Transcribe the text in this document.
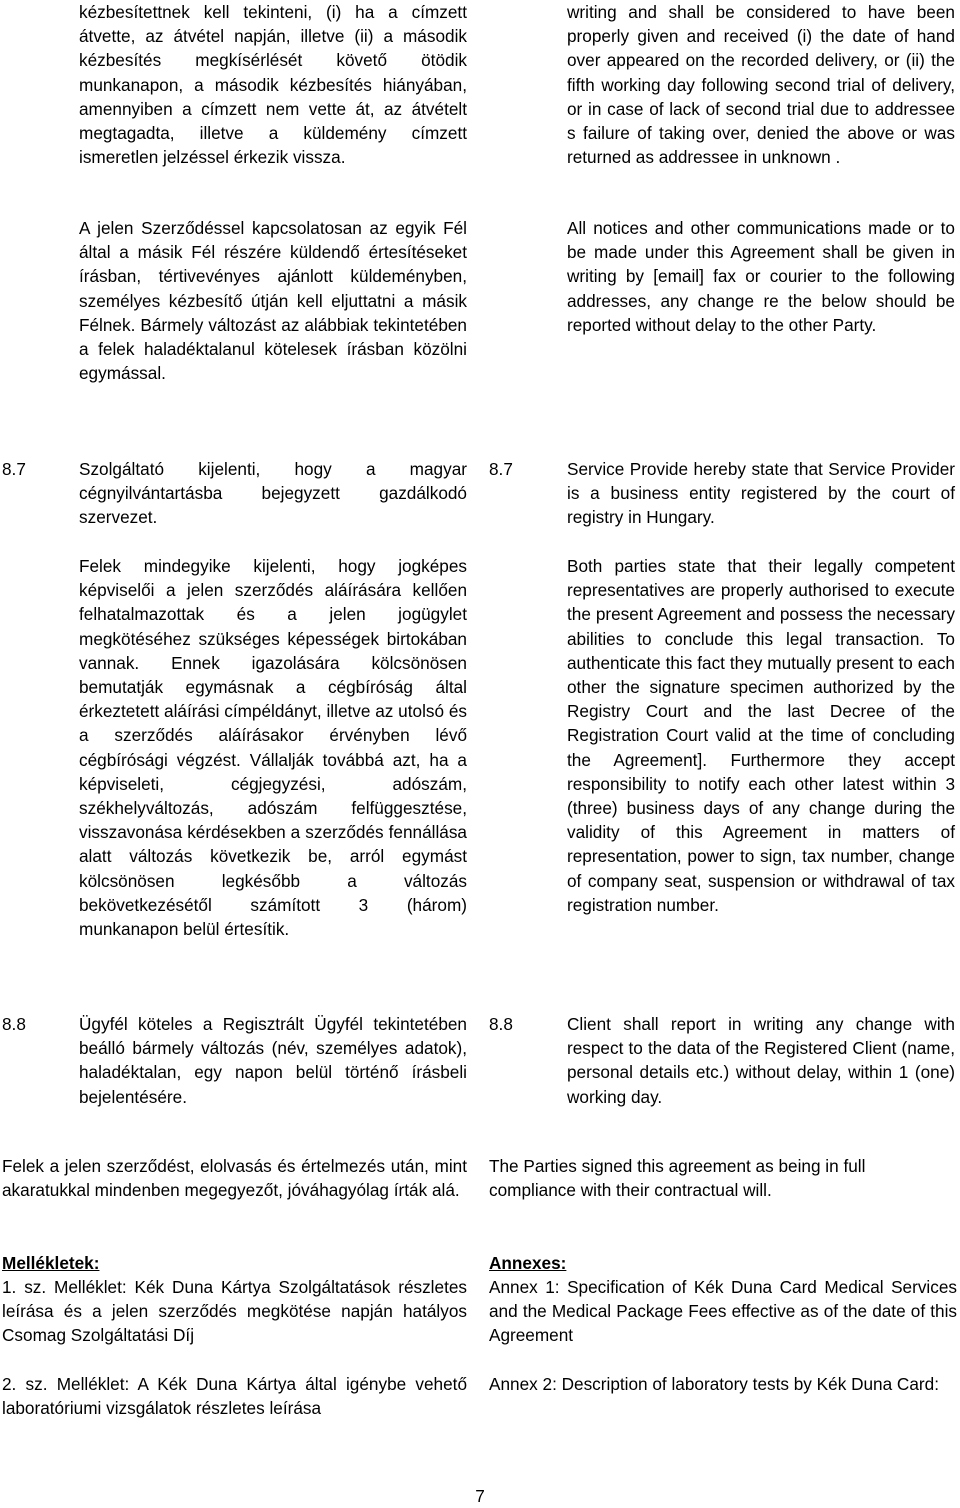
kézbesítettnek kell tekinteni, (i) ha a címzett átvette, az átvétel napján, illetve (ii) a második kézbesítés megkísérlését követő ötödik munkanapon, a második kézbesítés hiányában, amennyiben a címzett nem vette át, az átvételt megtagadta, illetve a küldemény címzett ismeretlen jelzéssel érkezik vissza.

A jelen Szerződéssel kapcsolatosan az egyik Fél által a másik Fél részére küldendő értesítéseket írásban, tértivevényes ajánlott küldeményben, személyes kézbesítő útján kell eljuttatni a másik Félnek. Bármely változást az alábbiak tekintetében a felek haladéktalanul kötelesek írásban közölni egymással.

writing and shall be considered to have been properly given and received (i) the date of hand over appeared on the recorded delivery, or (ii) the fifth working day following second trial of delivery, or in case of lack of second trial due to addressee s failure of taking over, denied the above or was returned as addressee in unknown .

All notices and other communications made or to be made under this Agreement shall be given in writing by [email] fax or courier to the following addresses, any change re the below should be reported without delay to the other Party.

8.7	Szolgáltató kijelenti, hogy a magyar cégnyilvántartásba bejegyzett gazdálkodó szervezet.

8.7	Service Provide hereby state that Service Provider is a business entity registered by the court of registry in Hungary.

Felek mindegyike kijelenti, hogy jogképes képviselői a jelen szerződés aláírására kellően felhatalmazottak és a jelen jogügylet megkötéséhez szükséges képességek birtokában vannak. Ennek igazolására kölcsönösen bemutatják egymásnak a cégbíróság által érkeztetett aláírási címpéldányt, illetve az utolsó és a szerződés aláírásakor érvényben lévő cégbírósági végzést. Vállalják továbbá azt, ha a képviseleti, cégjegyzési, adószám, székhelyváltozás, adószám felfüggesztése, visszavonása kérdésekben a szerződés fennállása alatt változás következik be, arról egymást kölcsönösen legkésőbb a változás bekövetkezésétől számított 3 (három) munkanapon belül értesítik.

Both parties state that their legally competent representatives are properly authorised to execute the present Agreement and possess the necessary abilities to conclude this legal transaction. To authenticate this fact they mutually present to each other the signature specimen authorized by the Registry Court and the last Decree of the Registration Court valid at the time of concluding the Agreement]. Furthermore they accept responsibility to notify each other latest within 3 (three) business days of any change during the validity of this Agreement in matters of representation, power to sign, tax number, change of company seat, suspension or withdrawal of tax registration number.

8.8	Ügyfél köteles a Regisztrált Ügyfél tekintetében beálló bármely változás (név, személyes adatok), haladéktalan, egy napon belül történő írásbeli bejelentésére.

8.8	Client shall report in writing any change with respect to the data of the Registered Client (name, personal details etc.) without delay, within 1 (one) working day.

Felek a jelen szerződést, elolvasás és értelmezés után, mint akaratukkal mindenben megegyezőt, jóváhagyólag írták alá.

The Parties signed this agreement as being in full compliance with their contractual will.

Mellékletek:

1. sz. Melléklet: Kék Duna Kártya Szolgáltatások részletes leírása és a jelen szerződés megkötése napján hatályos Csomag Szolgáltatási Díj

2. sz. Melléklet: A Kék Duna Kártya által igénybe vehető laboratóriumi vizsgálatok részletes leírása

Annexes:

Annex 1: Specification of Kék Duna Card Medical Services and the Medical Package Fees effective as of the date of this Agreement

Annex 2: Description of laboratory tests by Kék Duna Card:

7
